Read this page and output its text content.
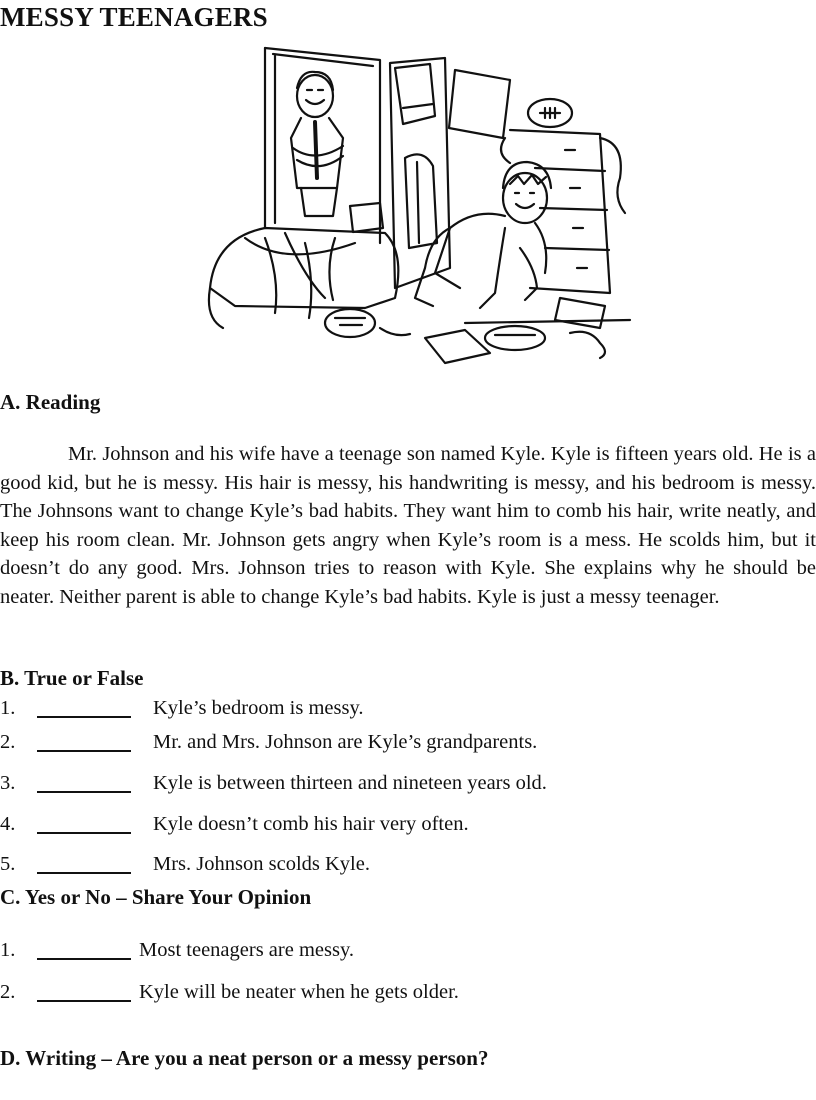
MESSY TEENAGERS
A. Reading

Mr. Johnson and his wife have a teenage son named Kyle. Kyle is fifteen years old. He is a good kid, but he is messy. His hair is messy, his handwriting is messy, and his bedroom is messy. The Johnsons want to change Kyle’s bad habits. They want him to comb his hair, write neatly, and keep his room clean. Mr. Johnson gets angry when Kyle’s room is a mess. He scolds him, but it doesn’t do any good. Mrs. Johnson tries to reason with Kyle. She explains why he should be neater. Neither parent is able to change Kyle’s bad habits. Kyle is just a messy teenager.

B. True or False
1.	Kyle’s bedroom is messy.
2.	Mr. and Mrs. Johnson are Kyle’s grandparents.
3.	Kyle is between thirteen and nineteen years old.
4.	Kyle doesn’t comb his hair very often.
5.	Mrs. Johnson scolds Kyle.
C. Yes or No – Share Your Opinion
1.	Most teenagers are messy.
2.	Kyle will be neater when he gets older.
D. Writing – Are you a neat person or a messy person?
